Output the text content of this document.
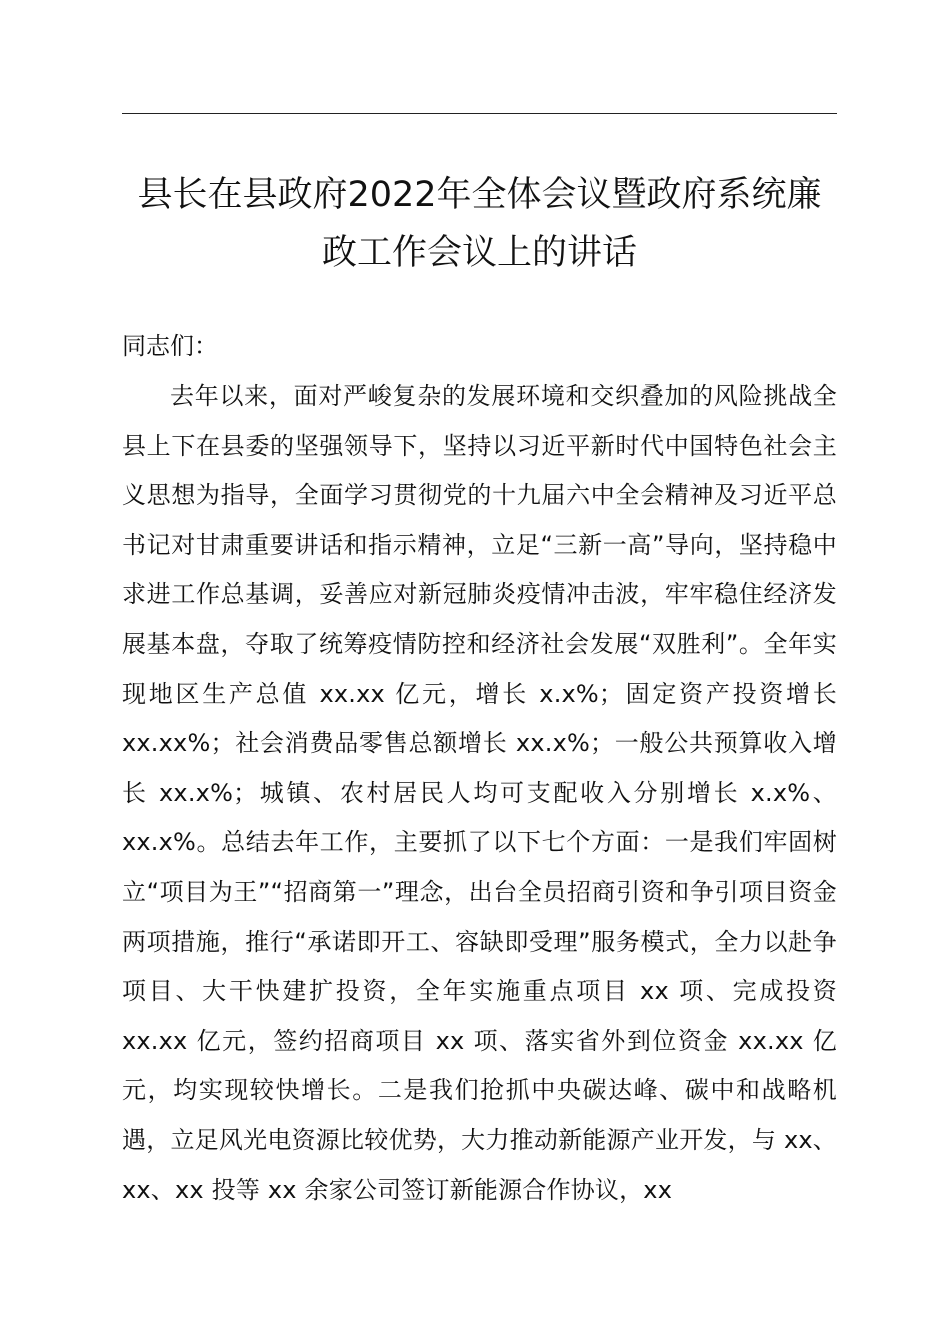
县长在县政府2022年全体会议暨政府系统廉政工作会议上的讲话

同志们：

去年以来，面对严峻复杂的发展环境和交织叠加的风险挑战全县上下在县委的坚强领导下，坚持以习近平新时代中国特色社会主义思想为指导，全面学习贯彻党的十九届六中全会精神及习近平总书记对甘肃重要讲话和指示精神，立足“三新一高”导向，坚持稳中求进工作总基调，妥善应对新冠肺炎疫情冲击波，牢牢稳住经济发展基本盘，夺取了统筹疫情防控和经济社会发展“双胜利”。全年实现地区生产总值 xx.xx 亿元，增长 x.x%；固定资产投资增长 xx.xx%；社会消费品零售总额增长 xx.x%；一般公共预算收入增长 xx.x%；城镇、农村居民人均可支配收入分别增长 x.x%、xx.x%。总结去年工作，主要抓了以下七个方面：一是我们牢固树立“项目为王”“招商第一”理念，出台全员招商引资和争引项目资金两项措施，推行“承诺即开工、容缺即受理”服务模式，全力以赴争项目、大干快建扩投资，全年实施重点项目 xx 项、完成投资 xx.xx 亿元，签约招商项目 xx 项、落实省外到位资金 xx.xx 亿元，均实现较快增长。二是我们抢抓中央碳达峰、碳中和战略机遇，立足风光电资源比较优势，大力推动新能源产业开发，与 xx、xx、xx 投等 xx 余家公司签订新能源合作协议，xx
